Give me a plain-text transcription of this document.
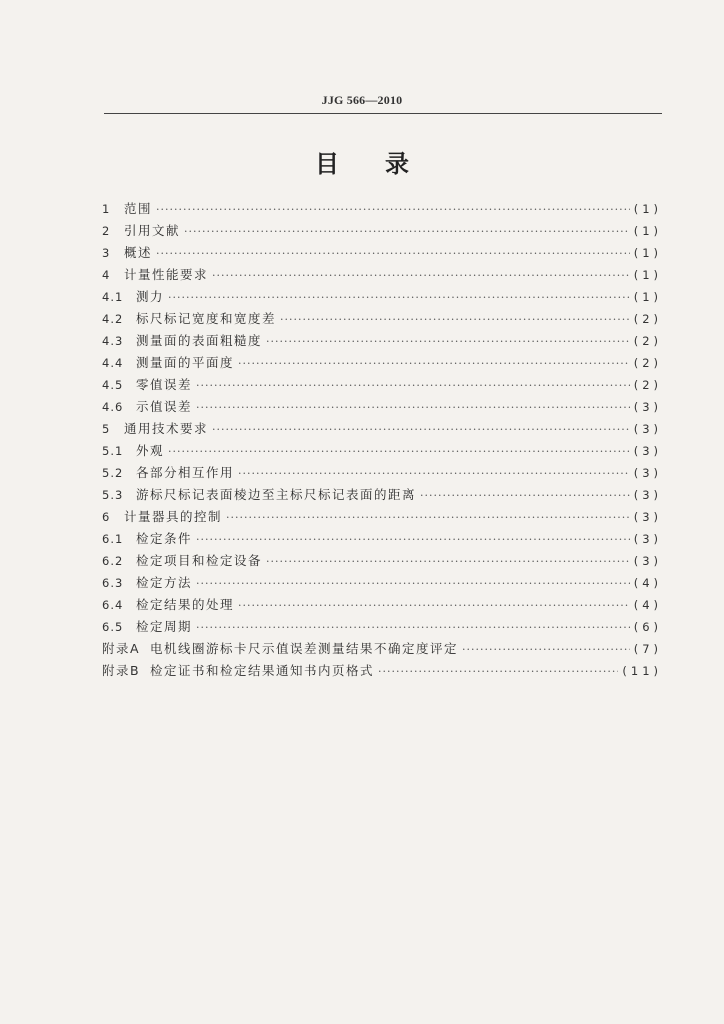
JJG 566—2010
目录
1	范围 ·····	(1)
2	引用文献 ·····	(1)
3	概述 ·····	(1)
4	计量性能要求 ·····	(1)
4.1	测力 ·····	(1)
4.2	标尺标记宽度和宽度差 ·····	(2)
4.3	测量面的表面粗糙度 ·····	(2)
4.4	测量面的平面度 ·····	(2)
4.5	零值误差 ·····	(2)
4.6	示值误差 ·····	(3)
5	通用技术要求 ·····	(3)
5.1	外观 ·····	(3)
5.2	各部分相互作用 ·····	(3)
5.3	游标尺标记表面棱边至主标尺标记表面的距离 ·····	(3)
6	计量器具的控制 ·····	(3)
6.1	检定条件 ·····	(3)
6.2	检定项目和检定设备 ·····	(3)
6.3	检定方法 ·····	(4)
6.4	检定结果的处理 ·····	(4)
6.5	检定周期 ·····	(6)
附录A 电机线圈游标卡尺示值误差测量结果不确定度评定 ·····	(7)
附录B 检定证书和检定结果通知书内页格式 ·····	(11)
